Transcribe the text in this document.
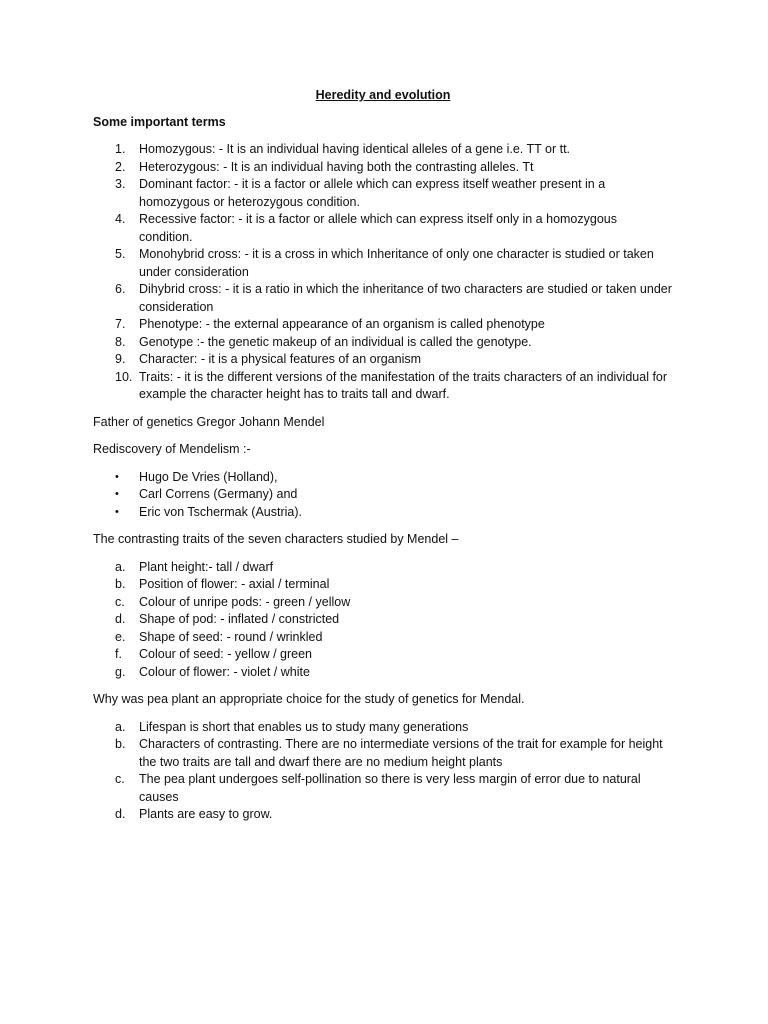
Heredity and evolution
Some important terms
1.	Homozygous: - It is an individual having identical alleles of a gene i.e. TT or tt.
2.	Heterozygous: - It is an individual having both the contrasting alleles. Tt
3.	Dominant factor: - it is a factor or allele which can express itself weather present in a homozygous or heterozygous condition.
4.	Recessive factor: - it is a factor or allele which can express itself only in a homozygous condition.
5.	Monohybrid cross: - it is a cross in which Inheritance of only one character is studied or taken under consideration
6.	Dihybrid cross: - it is a ratio in which the inheritance of two characters are studied or taken under consideration
7.	Phenotype: - the external appearance of an organism is called phenotype
8.	Genotype :- the genetic makeup of an individual is called the genotype.
9.	Character: - it is a physical features of an organism
10. Traits: - it is the different versions of the manifestation of the traits characters of an individual for example the character height has to traits tall and dwarf.
Father of genetics Gregor Johann Mendel
Rediscovery of Mendelism :-
•	Hugo De Vries (Holland),
•	Carl Correns (Germany) and
•	Eric von Tschermak (Austria).
The contrasting traits of the seven characters studied by Mendel –
a.	Plant height:- tall / dwarf
b.	Position of flower: - axial / terminal
c.	Colour of unripe pods: - green / yellow
d.	Shape of pod: - inflated / constricted
e.	Shape of seed: - round / wrinkled
f.	Colour of seed: - yellow / green
g.	Colour of flower: - violet / white
Why was pea plant an appropriate choice for the study of genetics for Mendal.
a.	Lifespan is short that enables us to study many generations
b.	Characters of contrasting. There are no intermediate versions of the trait for example for height the two traits are tall and dwarf there are no medium height plants
c.	The pea plant undergoes self-pollination so there is very less margin of error due to natural causes
d.	Plants are easy to grow.
